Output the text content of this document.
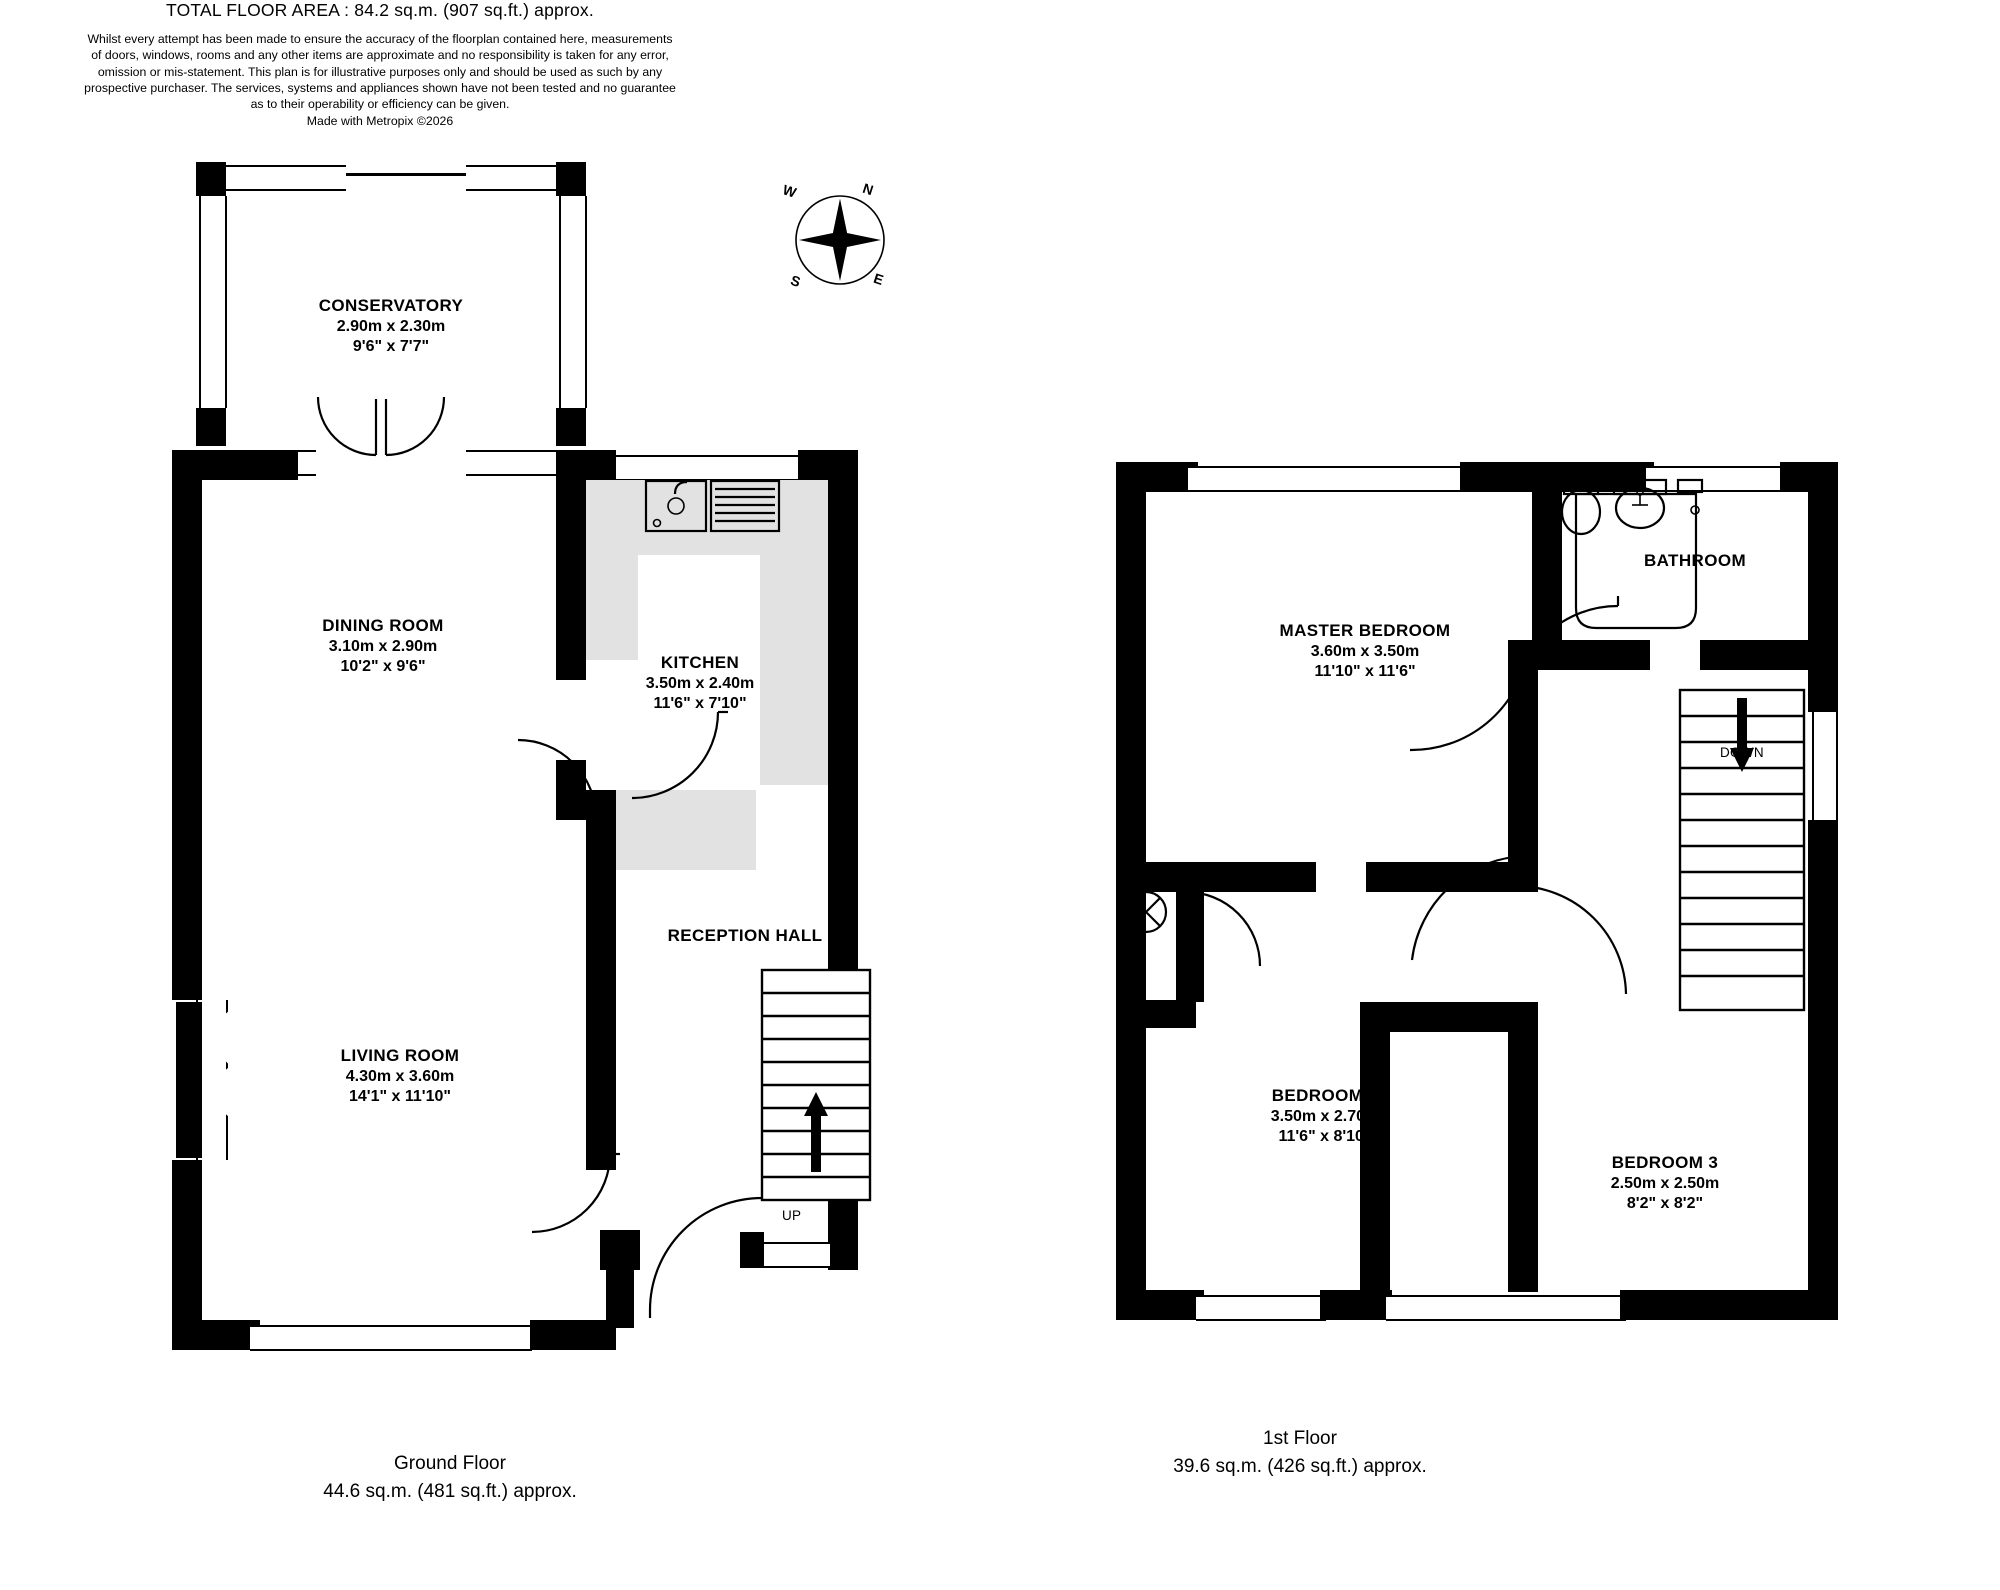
TOTAL FLOOR AREA : 84.2 sq.m. (907 sq.ft.) approx.
Whilst every attempt has been made to ensure the accuracy of the floorplan contained here, measurements
of doors, windows, rooms and any other items are approximate and no responsibility is taken for any error,
omission or mis-statement. This plan is for illustrative purposes only and should be used as such by any
prospective purchaser. The services, systems and appliances shown have not been tested and no guarantee
as to their operability or efficiency can be given.
Made with Metropix ©2026
N
E
S
W
CONSERVATORY
2.90m x 2.30m
9'6" x 7'7"
DINING ROOM
3.10m x 2.90m
10'2" x 9'6"	KITCHEN
3.50m x 2.40m
11'6" x 7'10"
RECEPTION HALL
LIVING ROOM
4.30m x 3.60m
14'1" x 11'10"
UP
MASTER BEDROOM
3.60m x 3.50m
11'10" x 11'6"
BATHROOM
BEDROOM 2
3.50m x 2.70m
11'6" x 8'10"
BEDROOM 3
2.50m x 2.50m
8'2" x 8'2"
DOWN
Ground Floor
44.6 sq.m. (481 sq.ft.) approx.
1st Floor
39.6 sq.m. (426 sq.ft.) approx.
